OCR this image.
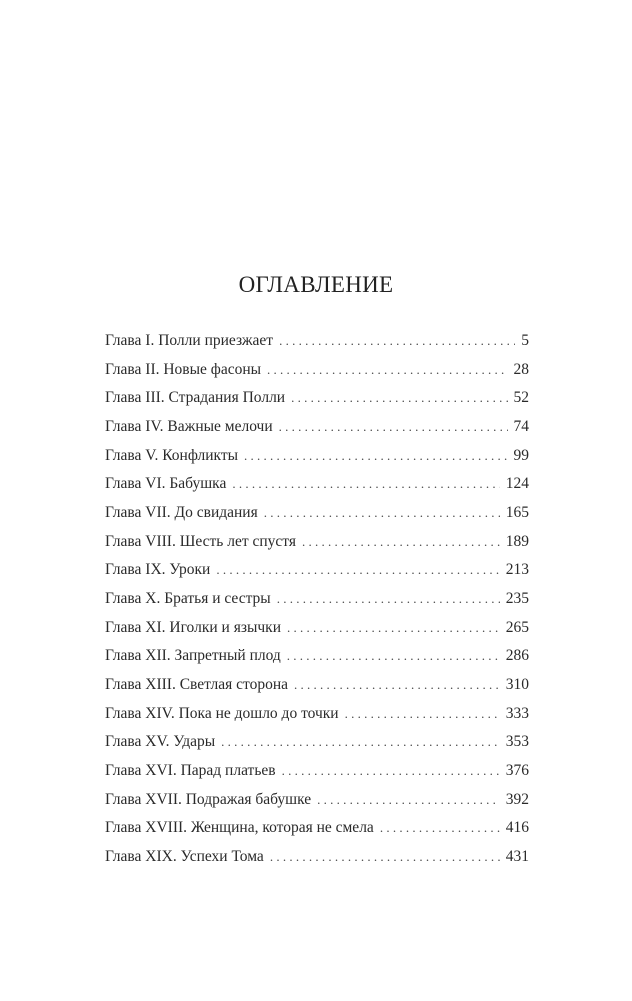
ОГЛАВЛЕНИЕ
Глава I. Полли приезжает . . .	5
Глава II. Новые фасоны . . .	28
Глава III. Страдания Полли . . .	52
Глава IV. Важные мелочи . . .	74
Глава V. Конфликты . . .	99
Глава VI. Бабушка . . .	124
Глава VII. До свидания . . .	165
Глава VIII. Шесть лет спустя . . .	189
Глава IX. Уроки . . .	213
Глава X. Братья и сестры . . .	235
Глава XI. Иголки и язычки . . .	265
Глава XII. Запретный плод . . .	286
Глава XIII. Светлая сторона . . .	310
Глава XIV. Пока не дошло до точки . . .	333
Глава XV. Удары . . .	353
Глава XVI. Парад платьев . . .	376
Глава XVII. Подражая бабушке . . .	392
Глава XVIII. Женщина, которая не смела . . .	416
Глава XIX. Успехи Тома . . .	431
